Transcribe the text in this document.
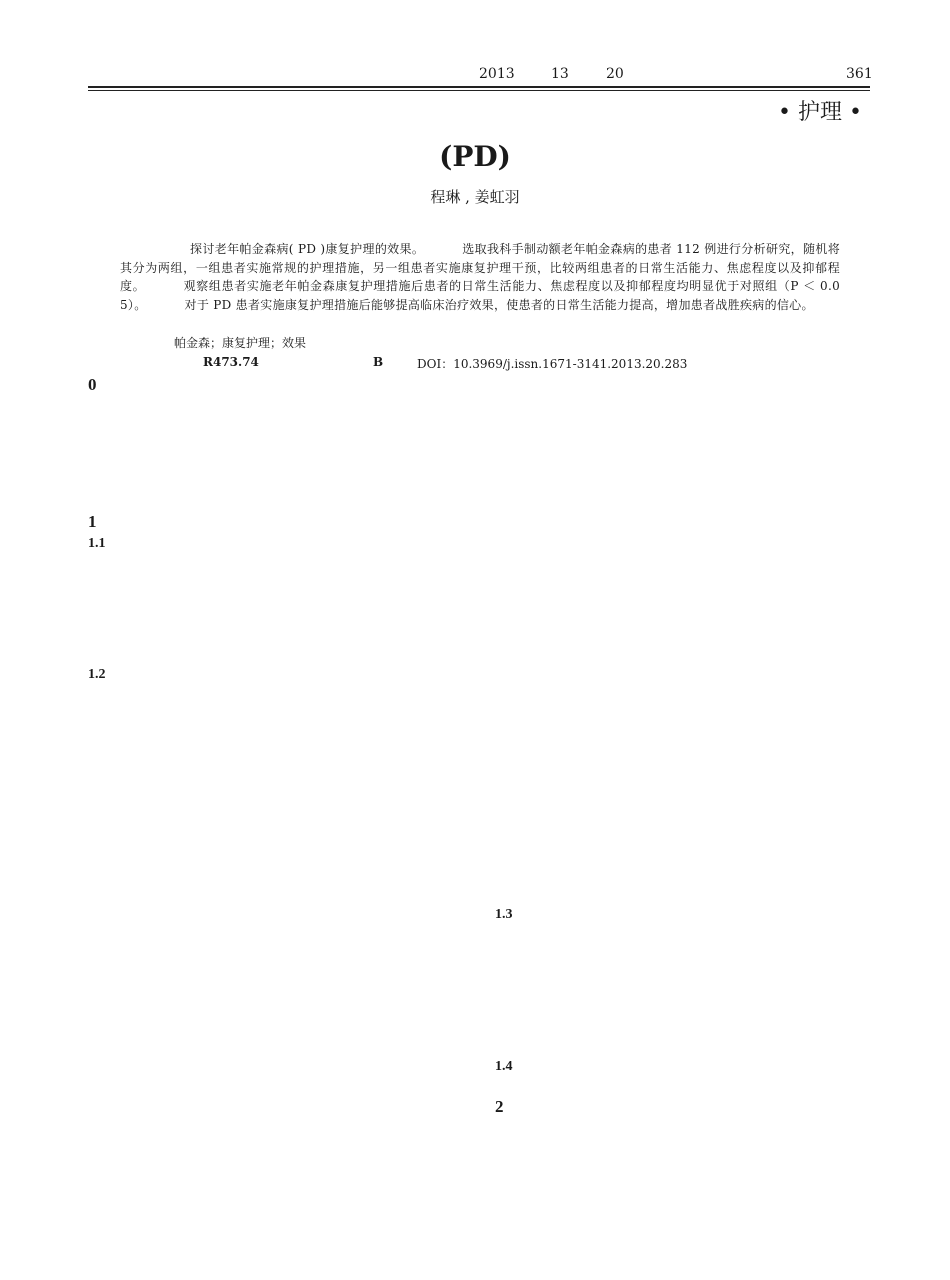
2013	13	20	361
• 护理 •
(PD)
程琳 , 姜虹羽
探讨老年帕金森病( PD )康复护理的效果。	选取我科手制动额老年帕金森病的患者 112 例进行分析研究，随机将其分为两组，一组患者实施常规的护理措施，另一组患者实施康复护理干预，比较两组患者的日常生活能力、焦虑程度以及抑郁程度。	观察组患者实施老年帕金森康复护理措施后患者的日常生活能力、焦虑程度以及抑郁程度均明显优于对照组（P ＜ 0.05）。	对于 PD 患者实施康复护理措施后能够提高临床治疗效果，使患者的日常生活能力提高，增加患者战胜疾病的信心。
帕金森；康复护理；效果
R473.74	B	DOI：10.3969/j.issn.1671-3141.2013.20.283
0
1
1.1
1.2
1.3
1.4
2
